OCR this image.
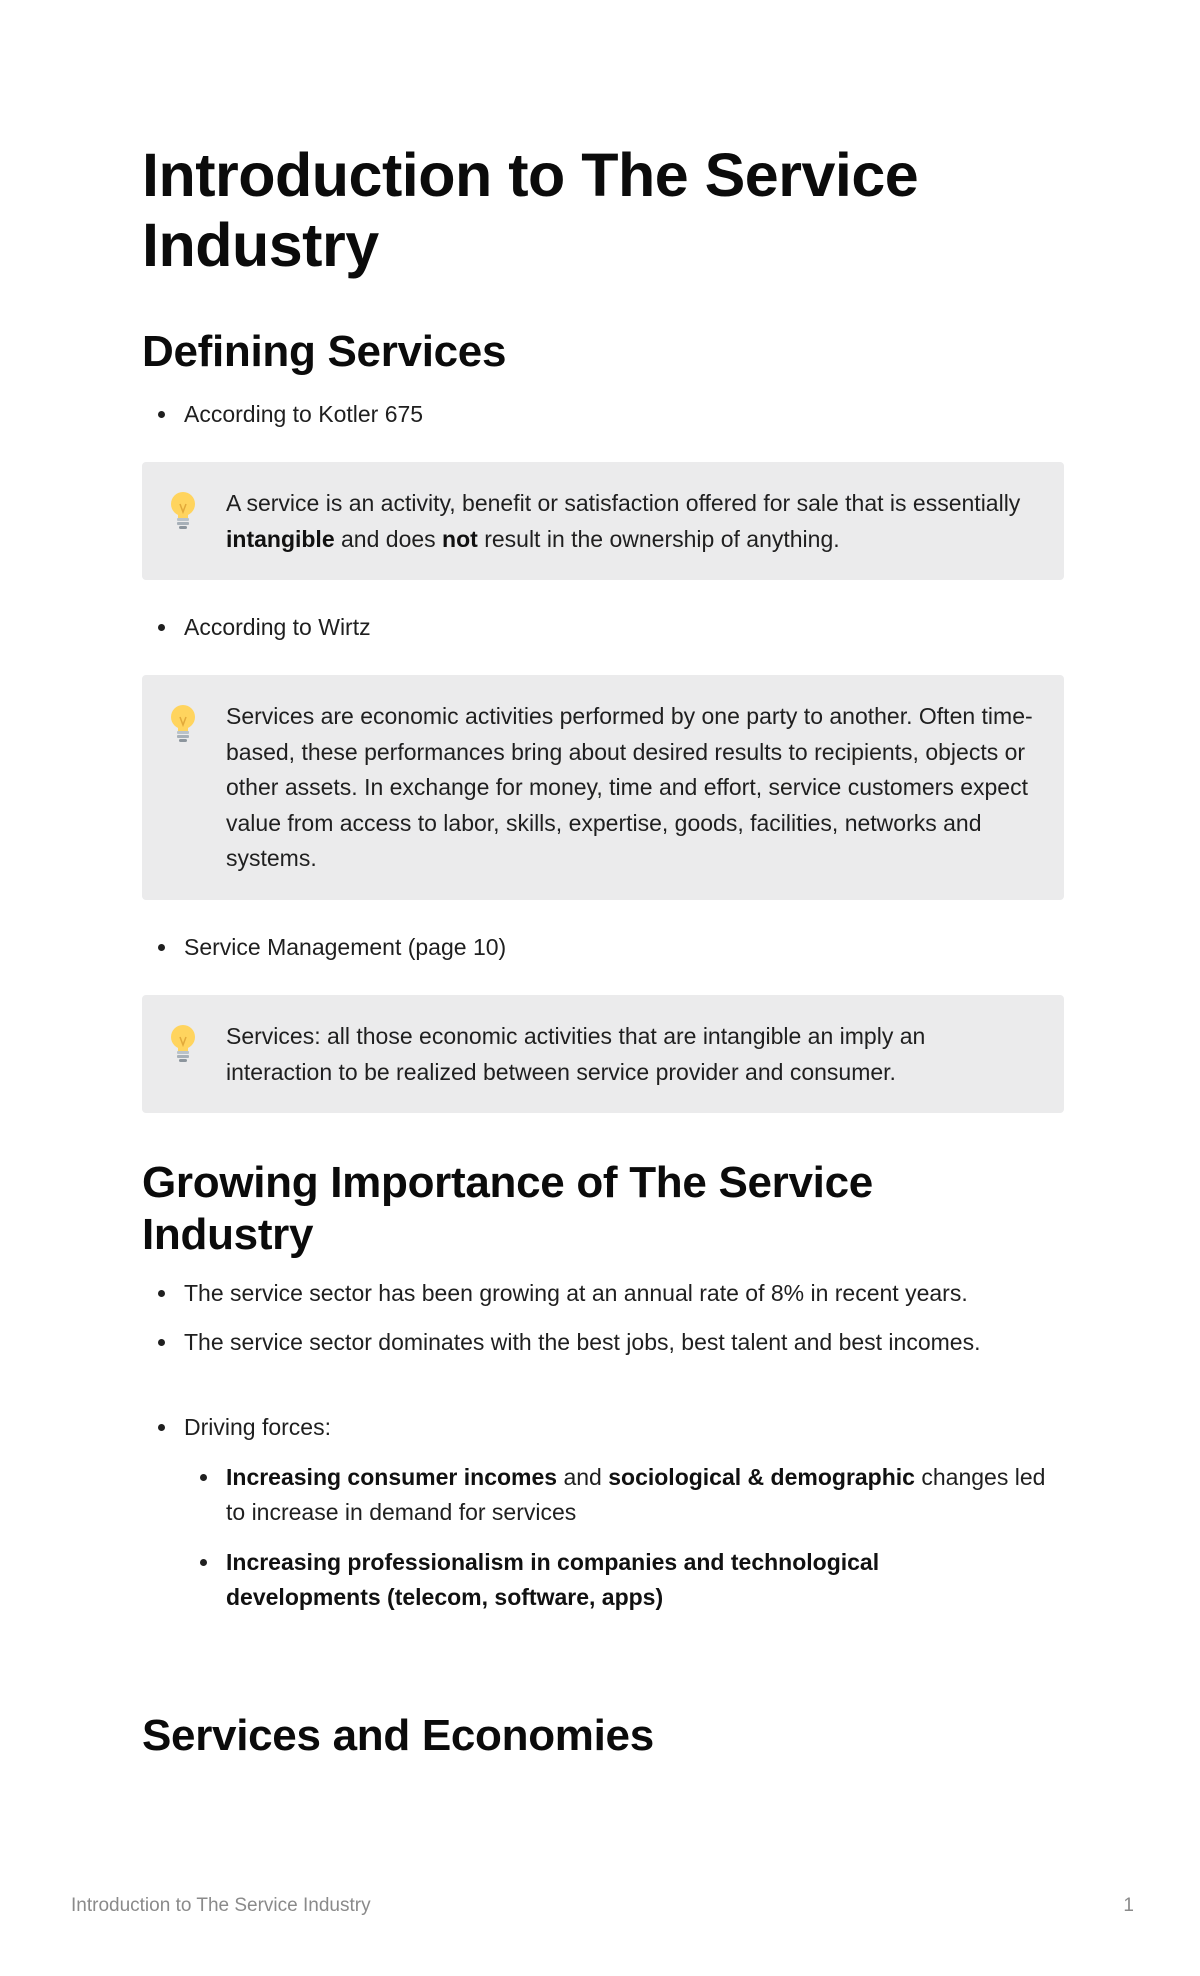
Introduction to The Service Industry
Defining Services
According to Kotler 675
A service is an activity, benefit or satisfaction offered for sale that is essentially intangible and does not result in the ownership of anything.
According to Wirtz
Services are economic activities performed by one party to another. Often time-based, these performances bring about desired results to recipients, objects or other assets. In exchange for money, time and effort, service customers expect value from access to labor, skills, expertise, goods, facilities, networks and systems.
Service Management (page 10)
Services: all those economic activities that are intangible an imply an interaction to be realized between service provider and consumer.
Growing Importance of The Service Industry
The service sector has been growing at an annual rate of 8% in recent years.
The service sector dominates with the best jobs, best talent and best incomes.
Driving forces:
Increasing consumer incomes and sociological & demographic changes led to increase in demand for services
Increasing professionalism in companies and technological developments (telecom, software, apps)
Services and Economies
Introduction to The Service Industry	1
